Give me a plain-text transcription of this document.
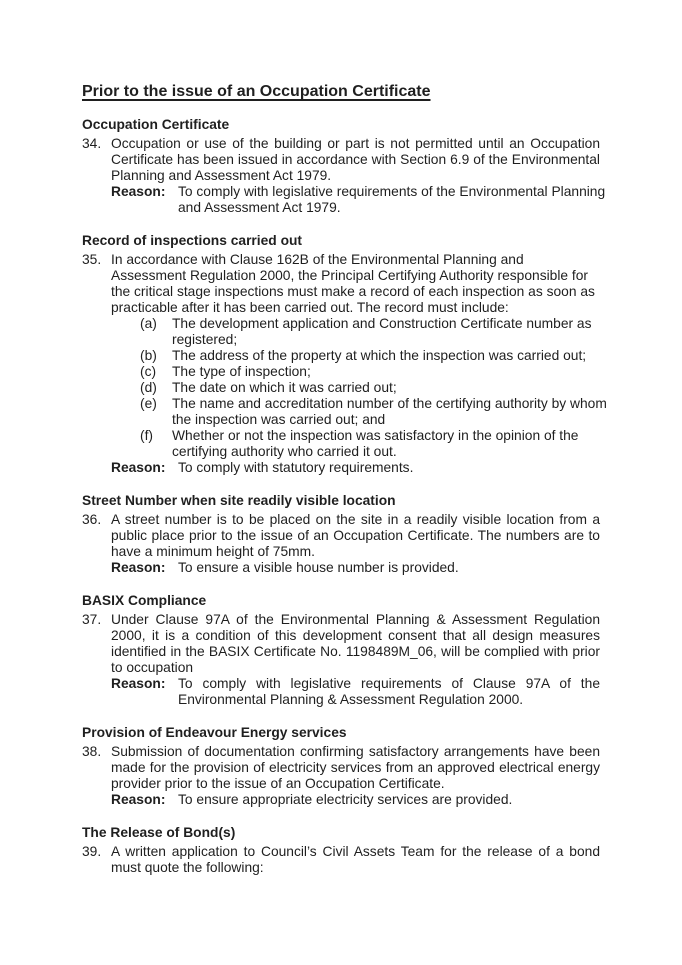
Prior to the issue of an Occupation Certificate
Occupation Certificate
34. Occupation or use of the building or part is not permitted until an Occupation
Certificate has been issued in accordance with Section 6.9 of the Environmental
Planning and Assessment Act 1979.
Reason: To comply with legislative requirements of the Environmental Planning
and Assessment Act 1979.
Record of inspections carried out
35. In accordance with Clause 162B of the Environmental Planning and
Assessment Regulation 2000, the Principal Certifying Authority responsible for
the critical stage inspections must make a record of each inspection as soon as
practicable after it has been carried out. The record must include:
(a)	The development application and Construction Certificate number as
registered;
(b)	The address of the property at which the inspection was carried out;
(c)	The type of inspection;
(d)	The date on which it was carried out;
(e)	The name and accreditation number of the certifying authority by whom
the inspection was carried out; and
(f)	Whether or not the inspection was satisfactory in the opinion of the
certifying authority who carried it out.
Reason: To comply with statutory requirements.
Street Number when site readily visible location
36. A street number is to be placed on the site in a readily visible location from a
public place prior to the issue of an Occupation Certificate. The numbers are to
have a minimum height of 75mm.
Reason: To ensure a visible house number is provided.
BASIX Compliance
37. Under Clause 97A of the Environmental Planning & Assessment Regulation
2000, it is a condition of this development consent that all design measures
identified in the BASIX Certificate No. 1198489M_06, will be complied with prior
to occupation
Reason: To comply with legislative requirements of Clause 97A of the
Environmental Planning & Assessment Regulation 2000.
Provision of Endeavour Energy services
38. Submission of documentation confirming satisfactory arrangements have been
made for the provision of electricity services from an approved electrical energy
provider prior to the issue of an Occupation Certificate.
Reason: To ensure appropriate electricity services are provided.
The Release of Bond(s)
39. A written application to Council’s Civil Assets Team for the release of a bond
must quote the following:
